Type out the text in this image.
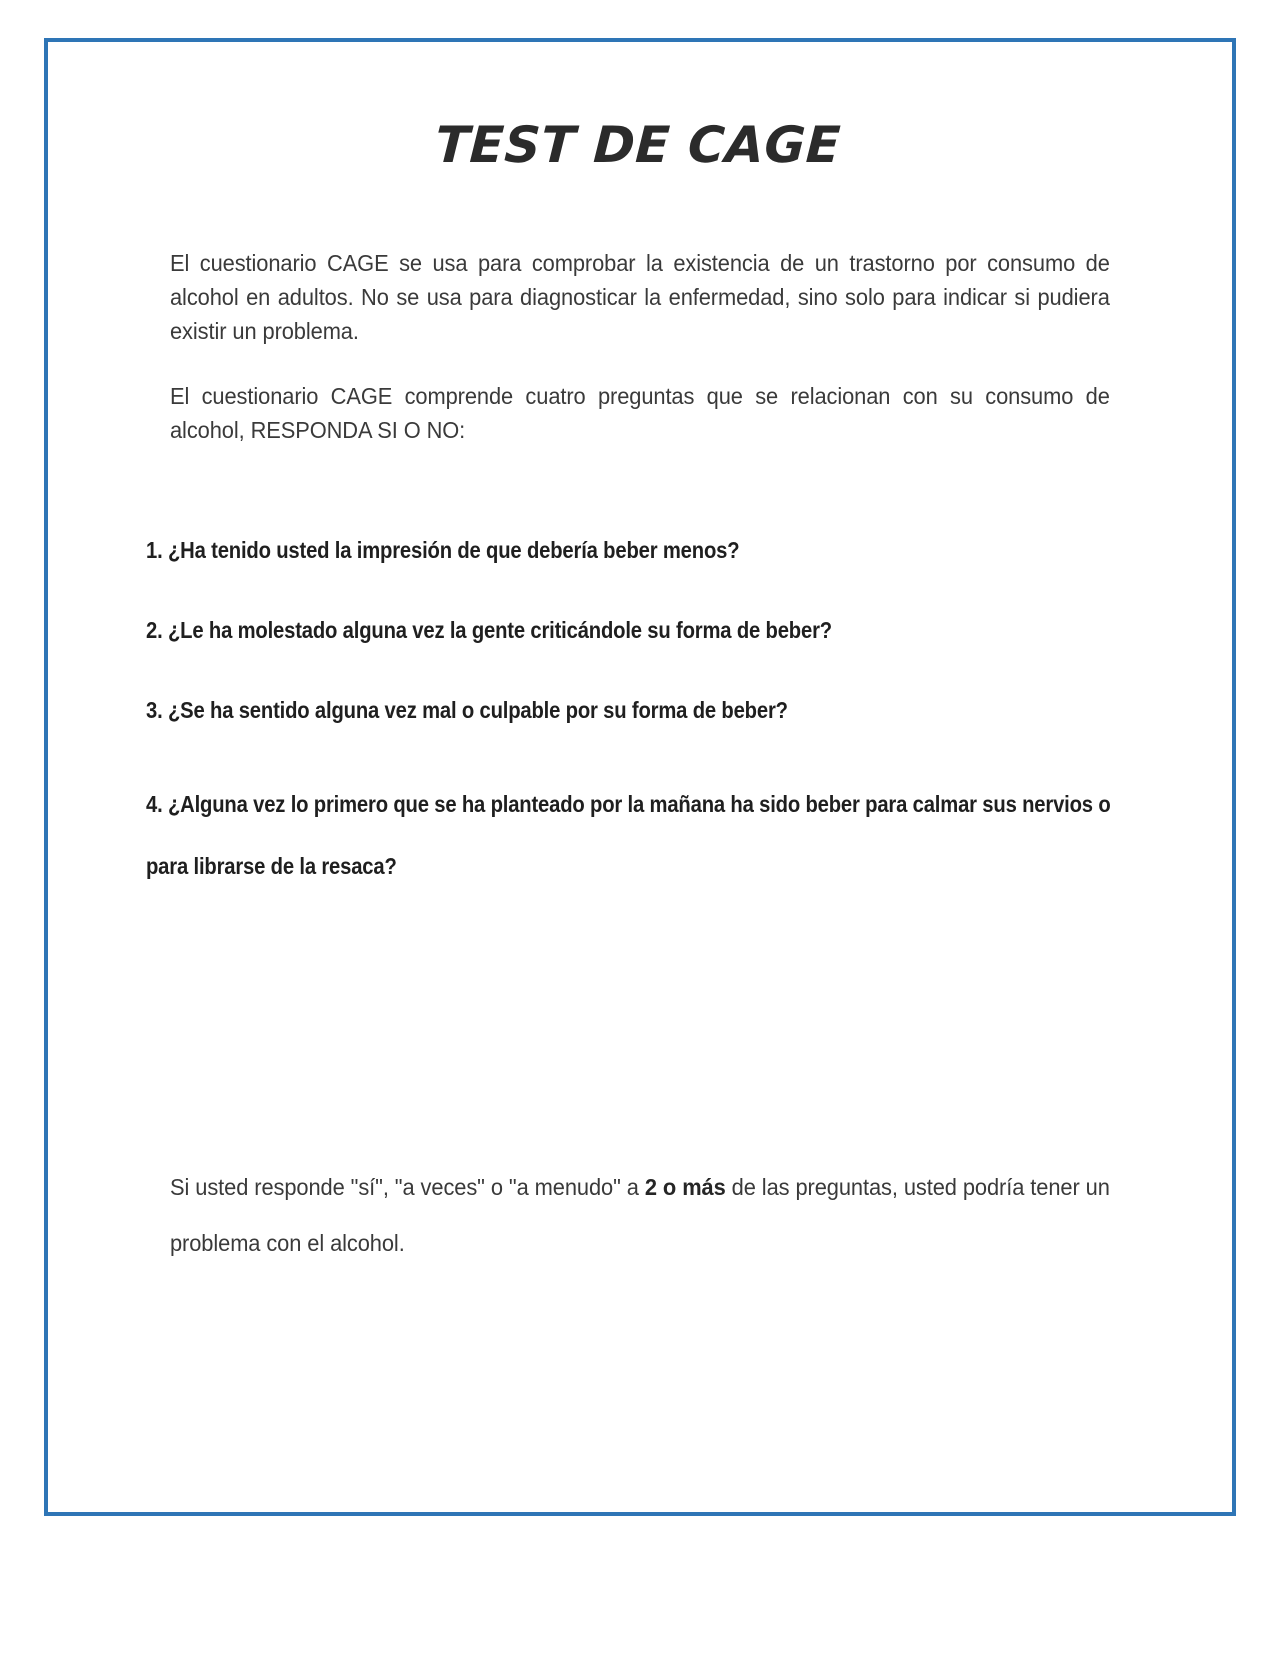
TEST DE CAGE

El cuestionario CAGE se usa para comprobar la existencia de un trastorno por consumo de alcohol en adultos. No se usa para diagnosticar la enfermedad, sino solo para indicar si pudiera existir un problema.

El cuestionario CAGE comprende cuatro preguntas que se relacionan con su consumo de alcohol, RESPONDA SI O NO:

1. ¿Ha tenido usted la impresión de que debería beber menos?

2. ¿Le ha molestado alguna vez la gente criticándole su forma de beber?

3. ¿Se ha sentido alguna vez mal o culpable por su forma de beber?

4. ¿Alguna vez lo primero que se ha planteado por la mañana ha sido beber para calmar sus nervios o para librarse de la resaca?

Si usted responde "sí", "a veces" o "a menudo" a 2 o más de las preguntas, usted podría tener un problema con el alcohol.
